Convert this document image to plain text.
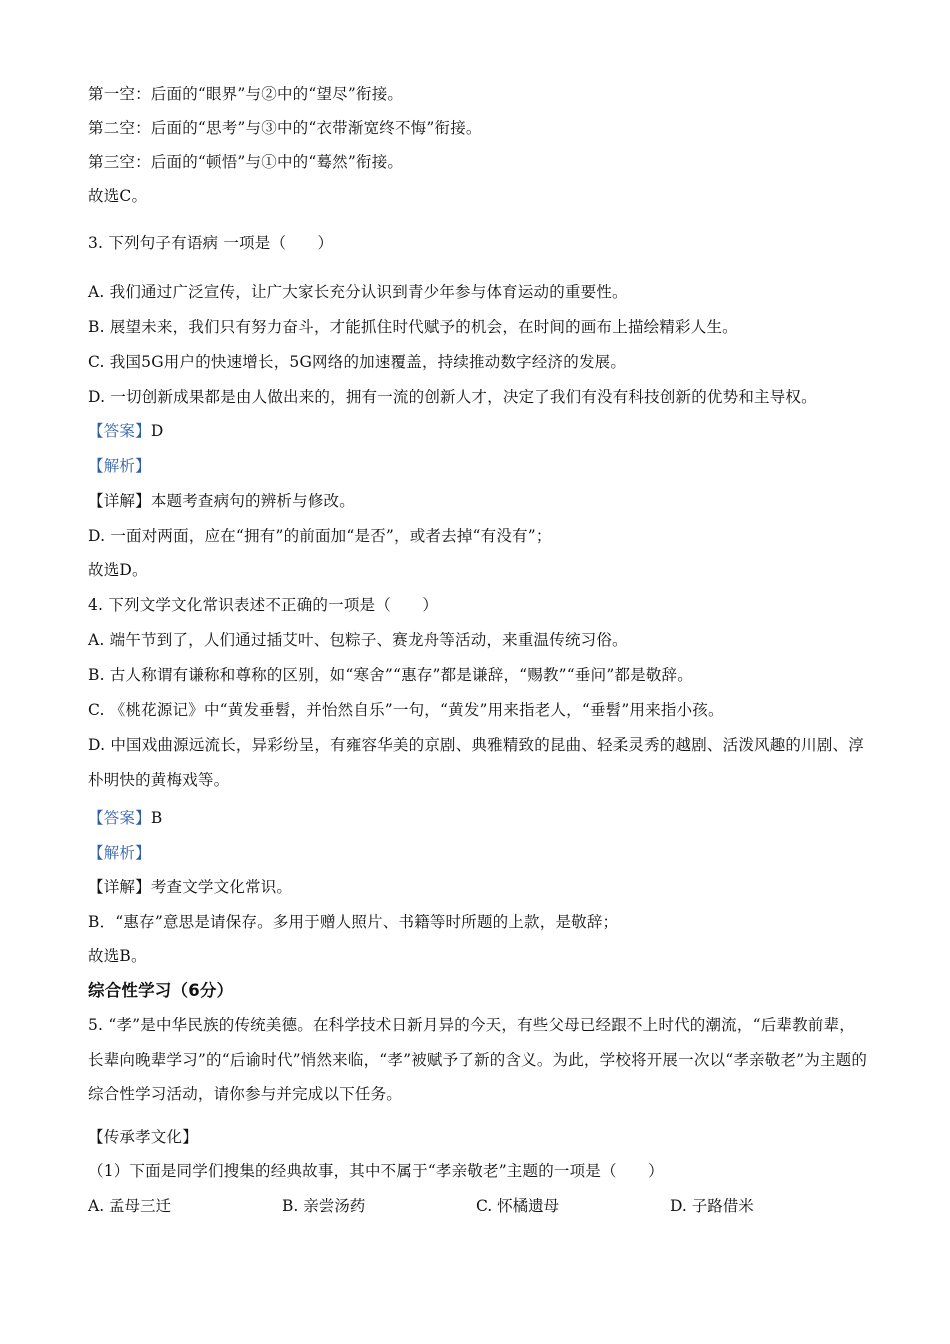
第一空：后面的“眼界”与②中的“望尽”衔接。
第二空：后面的“思考”与③中的“衣带渐宽终不悔”衔接。
第三空：后面的“顿悟”与①中的“蓦然”衔接。
故选C。
3. 下列句子有语病 一项是（　　）
A. 我们通过广泛宣传，让广大家长充分认识到青少年参与体育运动的重要性。
B. 展望未来，我们只有努力奋斗，才能抓住时代赋予的机会，在时间的画布上描绘精彩人生。
C. 我国5G用户的快速增长，5G网络的加速覆盖，持续推动数字经济的发展。
D. 一切创新成果都是由人做出来的，拥有一流的创新人才，决定了我们有没有科技创新的优势和主导权。
【答案】D
【解析】
【详解】本题考查病句的辨析与修改。
D. 一面对两面，应在“拥有”的前面加“是否”，或者去掉“有没有”；
故选D。
4. 下列文学文化常识表述不正确的一项是（　　）
A. 端午节到了，人们通过插艾叶、包粽子、赛龙舟等活动，来重温传统习俗。
B. 古人称谓有谦称和尊称的区别，如“寒舍”“惠存”都是谦辞，“赐教”“垂问”都是敬辞。
C. 《桃花源记》中“黄发垂髫，并怡然自乐”一句，“黄发”用来指老人，“垂髫”用来指小孩。
D. 中国戏曲源远流长，异彩纷呈，有雍容华美的京剧、典雅精致的昆曲、轻柔灵秀的越剧、活泼风趣的川剧、淳朴明快的黄梅戏等。
【答案】B
【解析】
【详解】考查文学文化常识。
B．“惠存”意思是请保存。多用于赠人照片、书籍等时所题的上款，是敬辞；
故选B。
综合性学习（6分）
5. “孝”是中华民族的传统美德。在科学技术日新月异的今天，有些父母已经跟不上时代的潮流，“后辈教前辈，长辈向晚辈学习”的“后谕时代”悄然来临，“孝”被赋予了新的含义。为此，学校将开展一次以“孝亲敬老”为主题的综合性学习活动，请你参与并完成以下任务。
【传承孝文化】
（1）下面是同学们搜集的经典故事，其中不属于“孝亲敬老”主题的一项是（　　）
A. 孟母三迁	B. 亲尝汤药	C. 怀橘遗母	D. 子路借米
